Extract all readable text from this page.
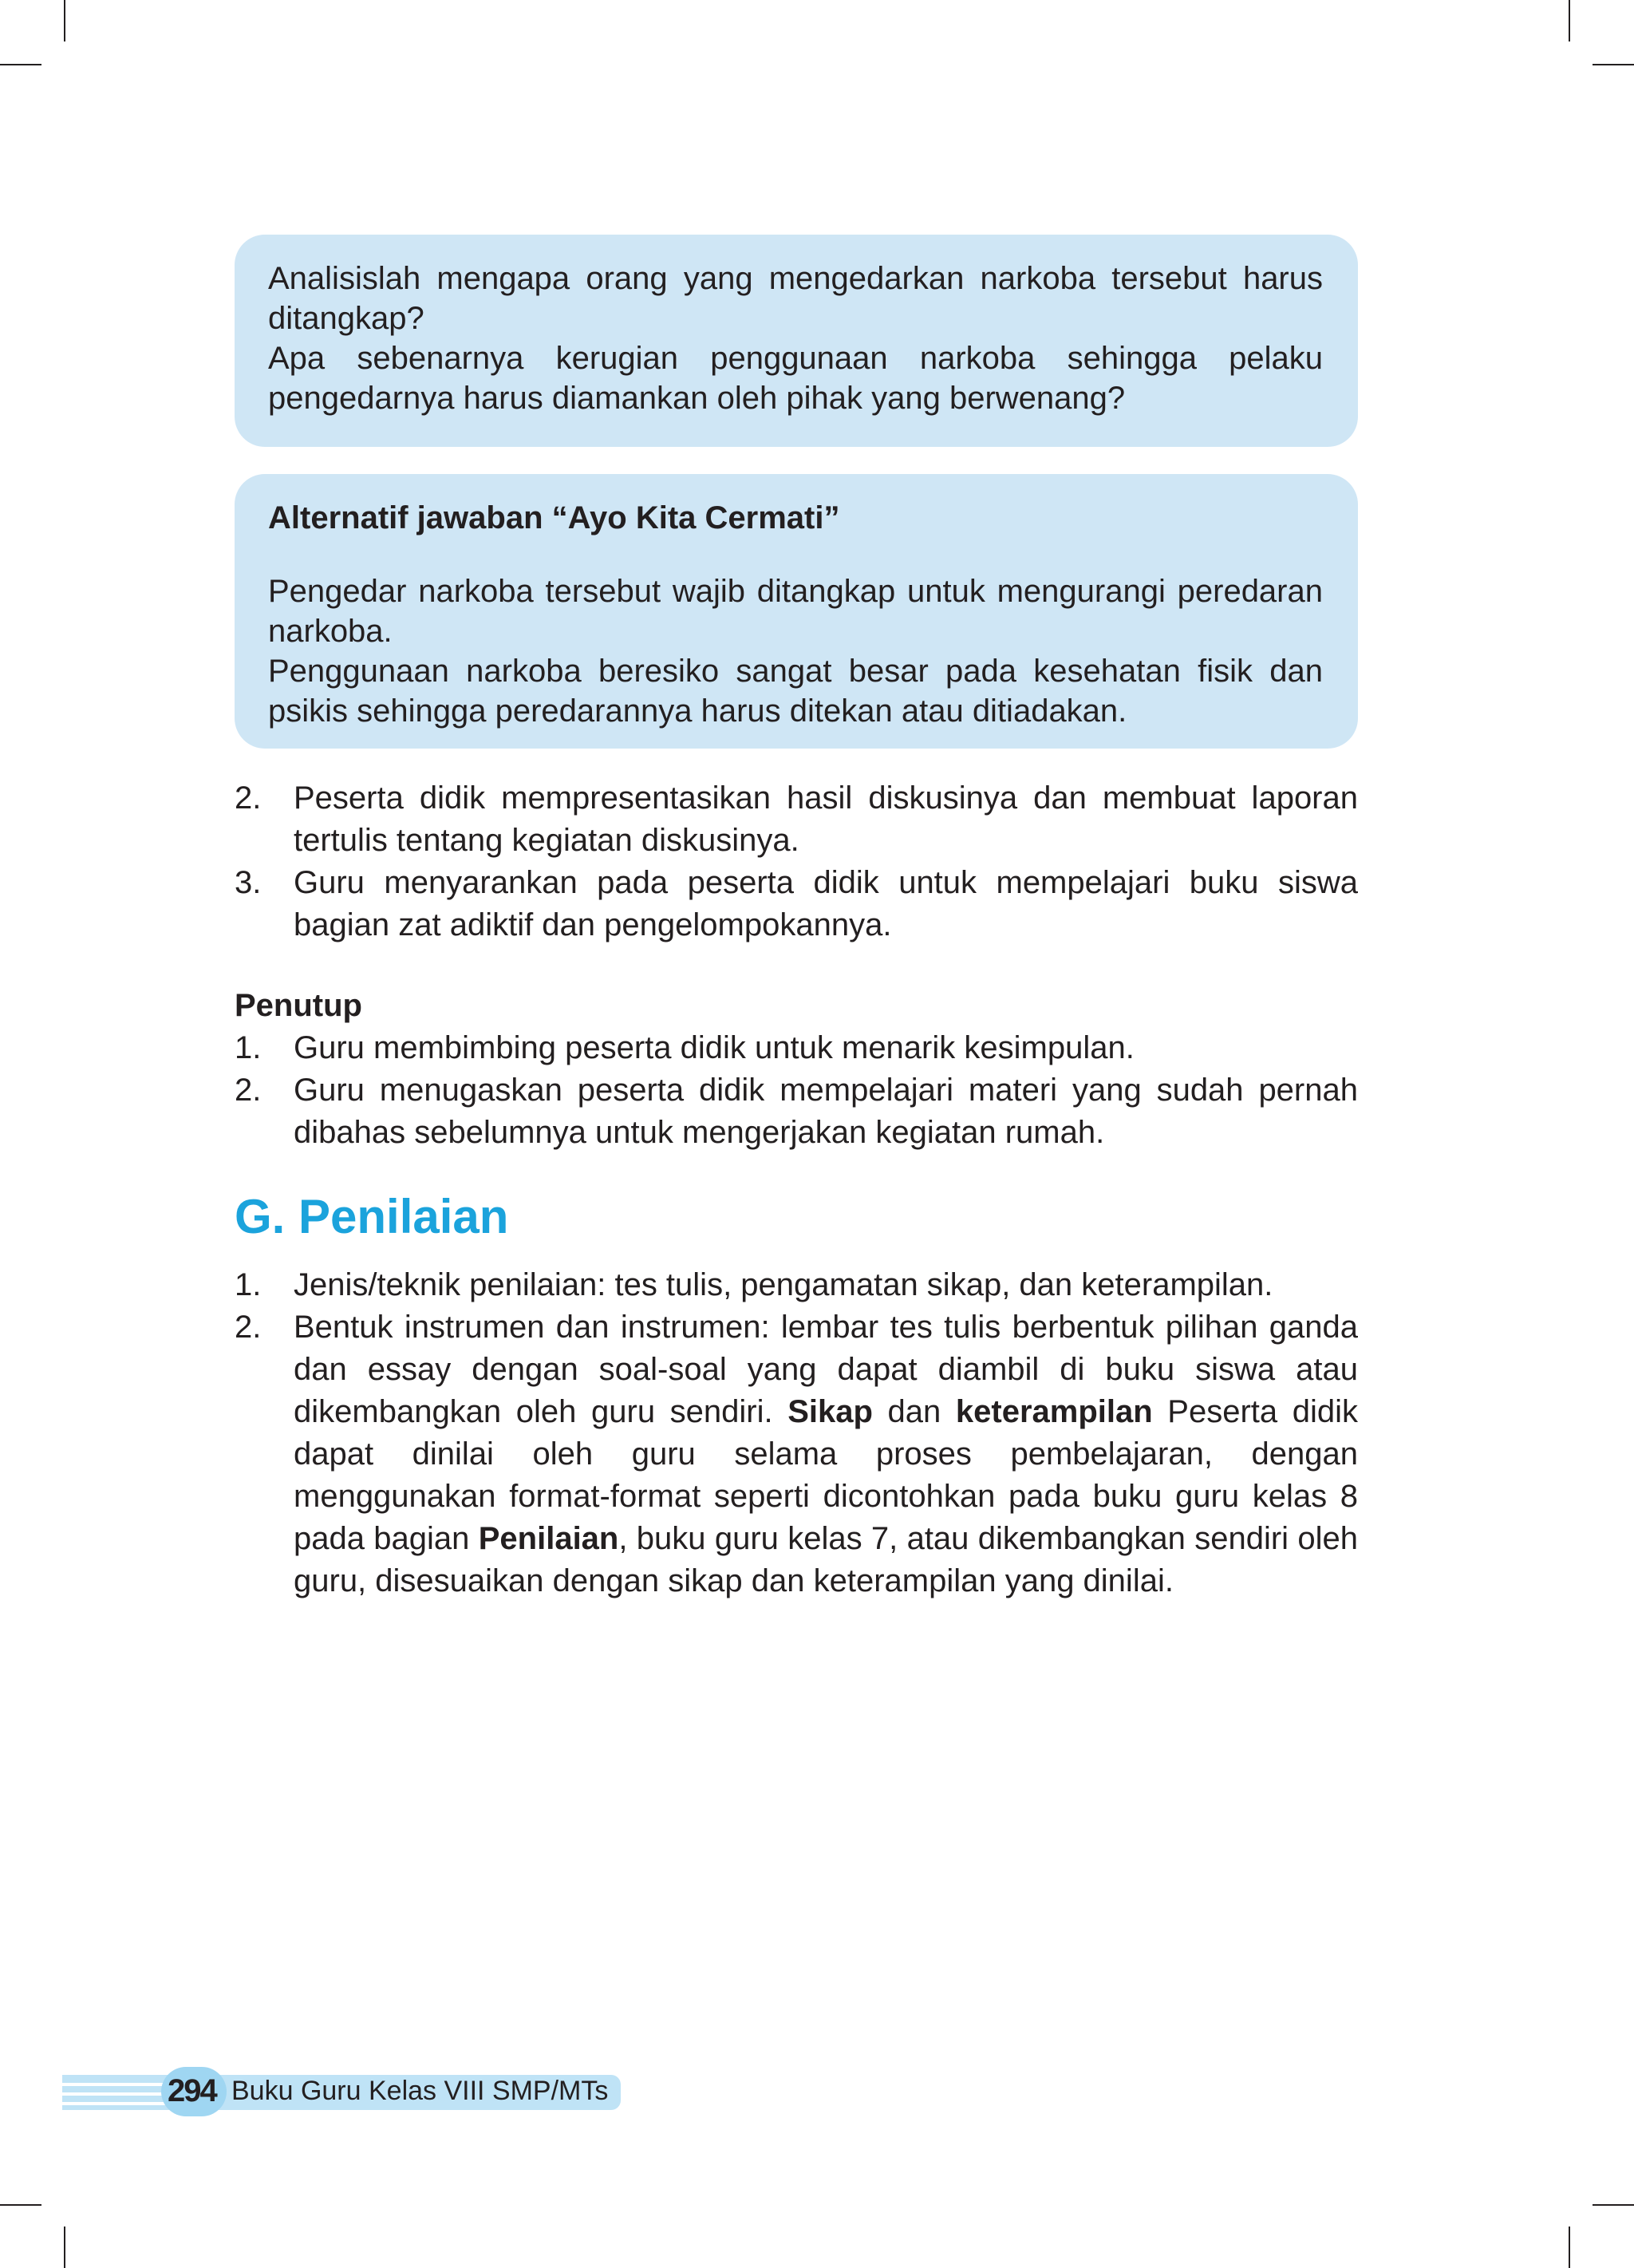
Analisislah mengapa orang yang mengedarkan narkoba tersebut harus ditangkap?

Apa sebenarnya kerugian penggunaan narkoba sehingga pelaku pengedarnya harus diamankan oleh pihak yang berwenang?

Alternatif jawaban “Ayo Kita Cermati”

Pengedar narkoba tersebut wajib ditangkap untuk mengurangi peredaran narkoba.

Penggunaan narkoba beresiko sangat besar pada kesehatan fisik dan psikis sehingga peredarannya harus ditekan atau ditiadakan.

2.	Peserta didik mempresentasikan hasil diskusinya dan membuat laporan tertulis tentang kegiatan diskusinya.
3.	Guru menyarankan pada peserta didik untuk mempelajari buku siswa bagian zat adiktif dan pengelompokannya.
Penutup
1.	Guru membimbing peserta didik untuk menarik kesimpulan.
2.	Guru menugaskan peserta didik mempelajari materi yang sudah pernah dibahas sebelumnya untuk mengerjakan kegiatan rumah.
G. Penilaian
1.	Jenis/teknik penilaian: tes tulis, pengamatan sikap, dan keterampilan.
2.	Bentuk instrumen dan instrumen: lembar tes tulis berbentuk pilihan ganda dan essay dengan soal-soal yang dapat diambil di buku siswa atau dikembangkan oleh guru sendiri. Sikap dan keterampilan Peserta didik dapat dinilai oleh guru selama proses pembelajaran, dengan menggunakan format-format seperti dicontohkan pada buku guru kelas 8 pada bagian Penilaian, buku guru kelas 7, atau dikembangkan sendiri oleh guru, disesuaikan dengan sikap dan keterampilan yang dinilai.
294 Buku Guru Kelas VIII SMP/MTs
